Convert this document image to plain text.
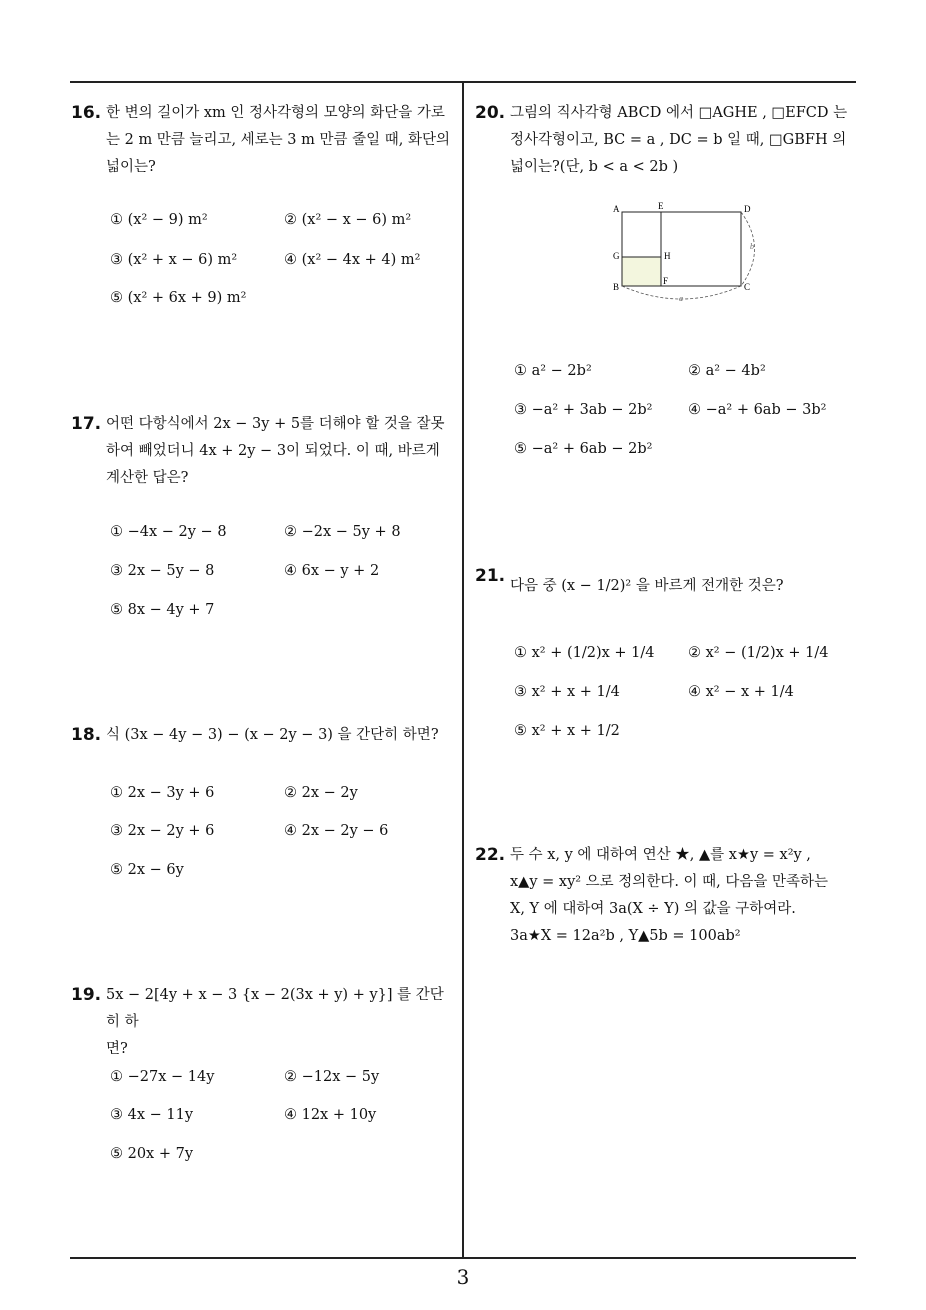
3
16. 한 변의 길이가 xm 인 정사각형의 모양의 화단을 가로
는 2 m 만큼 늘리고, 세로는 3 m 만큼 줄일 때, 화단의
넓이는?
① (x² − 9) m²	② (x² − x − 6) m²
③ (x² + x − 6) m²	④ (x² − 4x + 4) m²
⑤ (x² + 6x + 9) m²
17. 어떤 다항식에서 2x − 3y + 5를 더해야 할 것을 잘못
하여 빼었더니 4x + 2y − 3이 되었다. 이 때, 바르게
계산한 답은?
① −4x − 2y − 8	② −2x − 5y + 8
③ 2x − 5y − 8	④ 6x − y + 2
⑤ 8x − 4y + 7
18. 식 (3x − 4y − 3) − (x − 2y − 3) 을 간단히 하면?
① 2x − 3y + 6	② 2x − 2y
③ 2x − 2y + 6	④ 2x − 2y − 6
⑤ 2x − 6y
19. 5x − 2[4y + x − 3 {x − 2(3x + y) + y}] 를 간단히 하
면?
① −27x − 14y	② −12x − 5y
③ 4x − 11y	④ 12x + 10y
⑤ 20x + 7y
20. 그림의 직사각형 ABCD 에서 □AGHE , □EFCD 는
정사각형이고, BC = a , DC = b 일 때, □GBFH 의
넓이는?(단, b < a < 2b )
A	E	D
G	H
B
F
C
b
a
① a² − 2b²	② a² − 4b²
③ −a² + 3ab − 2b² ④ −a² + 6ab − 3b²
⑤ −a² + 6ab − 2b²
21. 다음 중 (x − 1/2)² 을 바르게 전개한 것은?
① x² + (1/2)x + 1/4 ② x² − (1/2)x + 1/4
③ x² + x + 1/4	④ x² − x + 1/4
⑤ x² + x + 1/2
22. 두 수 x, y 에 대하여 연산 ★, ▲를 x★y = x²y ,
x▲y = xy² 으로 정의한다. 이 때, 다음을 만족하는
X, Y 에 대하여 3a(X ÷ Y) 의 값을 구하여라.
3a★X = 12a²b , Y▲5b = 100ab²
